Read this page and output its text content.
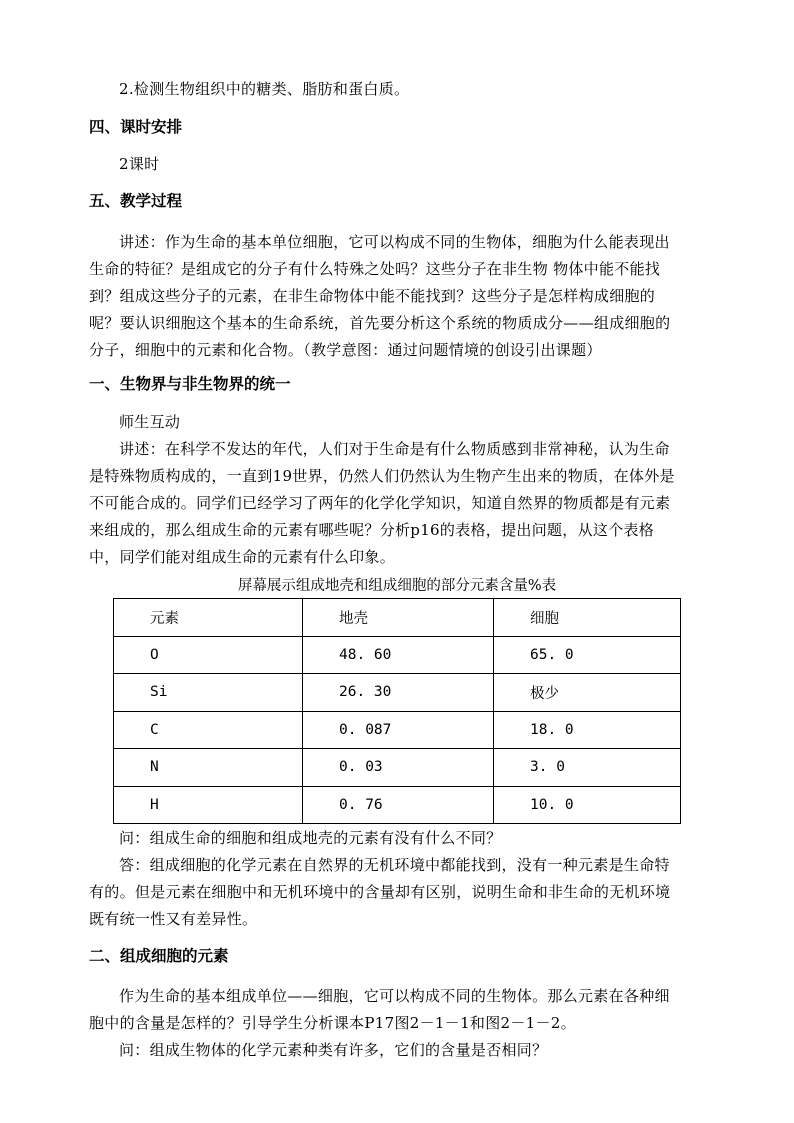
2.检测生物组织中的糖类、脂肪和蛋白质。

四、课时安排

2课时

五、教学过程

讲述：作为生命的基本单位细胞，它可以构成不同的生物体，细胞为什么能表现出生命的特征？是组成它的分子有什么特殊之处吗？这些分子在非生物 物体中能不能找到？组成这些分子的元素，在非生命物体中能不能找到？这些分子是怎样构成细胞的呢？要认识细胞这个基本的生命系统，首先要分析这个系统的物质成分——组成细胞的分子，细胞中的元素和化合物。（教学意图：通过问题情境的创设引出课题）

一、生物界与非生物界的统一

师生互动

讲述：在科学不发达的年代，人们对于生命是有什么物质感到非常神秘，认为生命是特殊物质构成的，一直到19世界，仍然人们仍然认为生物产生出来的物质，在体外是不可能合成的。同学们已经学习了两年的化学化学知识，知道自然界的物质都是有元素来组成的，那么组成生命的元素有哪些呢？分析p16的表格，提出问题，从这个表格中，同学们能对组成生命的元素有什么印象。

屏幕展示组成地壳和组成细胞的部分元素含量%表

元素	地壳	细胞
O	48. 60	65. 0
Si	26. 30	极少
C	0. 087	18. 0
N	0. 03	3. 0
H	0. 76	10. 0

问：组成生命的细胞和组成地壳的元素有没有什么不同？

答：组成细胞的化学元素在自然界的无机环境中都能找到，没有一种元素是生命特有的。但是元素在细胞中和无机环境中的含量却有区别，说明生命和非生命的无机环境既有统一性又有差异性。

二、组成细胞的元素

作为生命的基本组成单位——细胞，它可以构成不同的生物体。那么元素在各种细胞中的含量是怎样的？引导学生分析课本P17图2－1－1和图2－1－2。

问：组成生物体的化学元素种类有许多，它们的含量是否相同？
